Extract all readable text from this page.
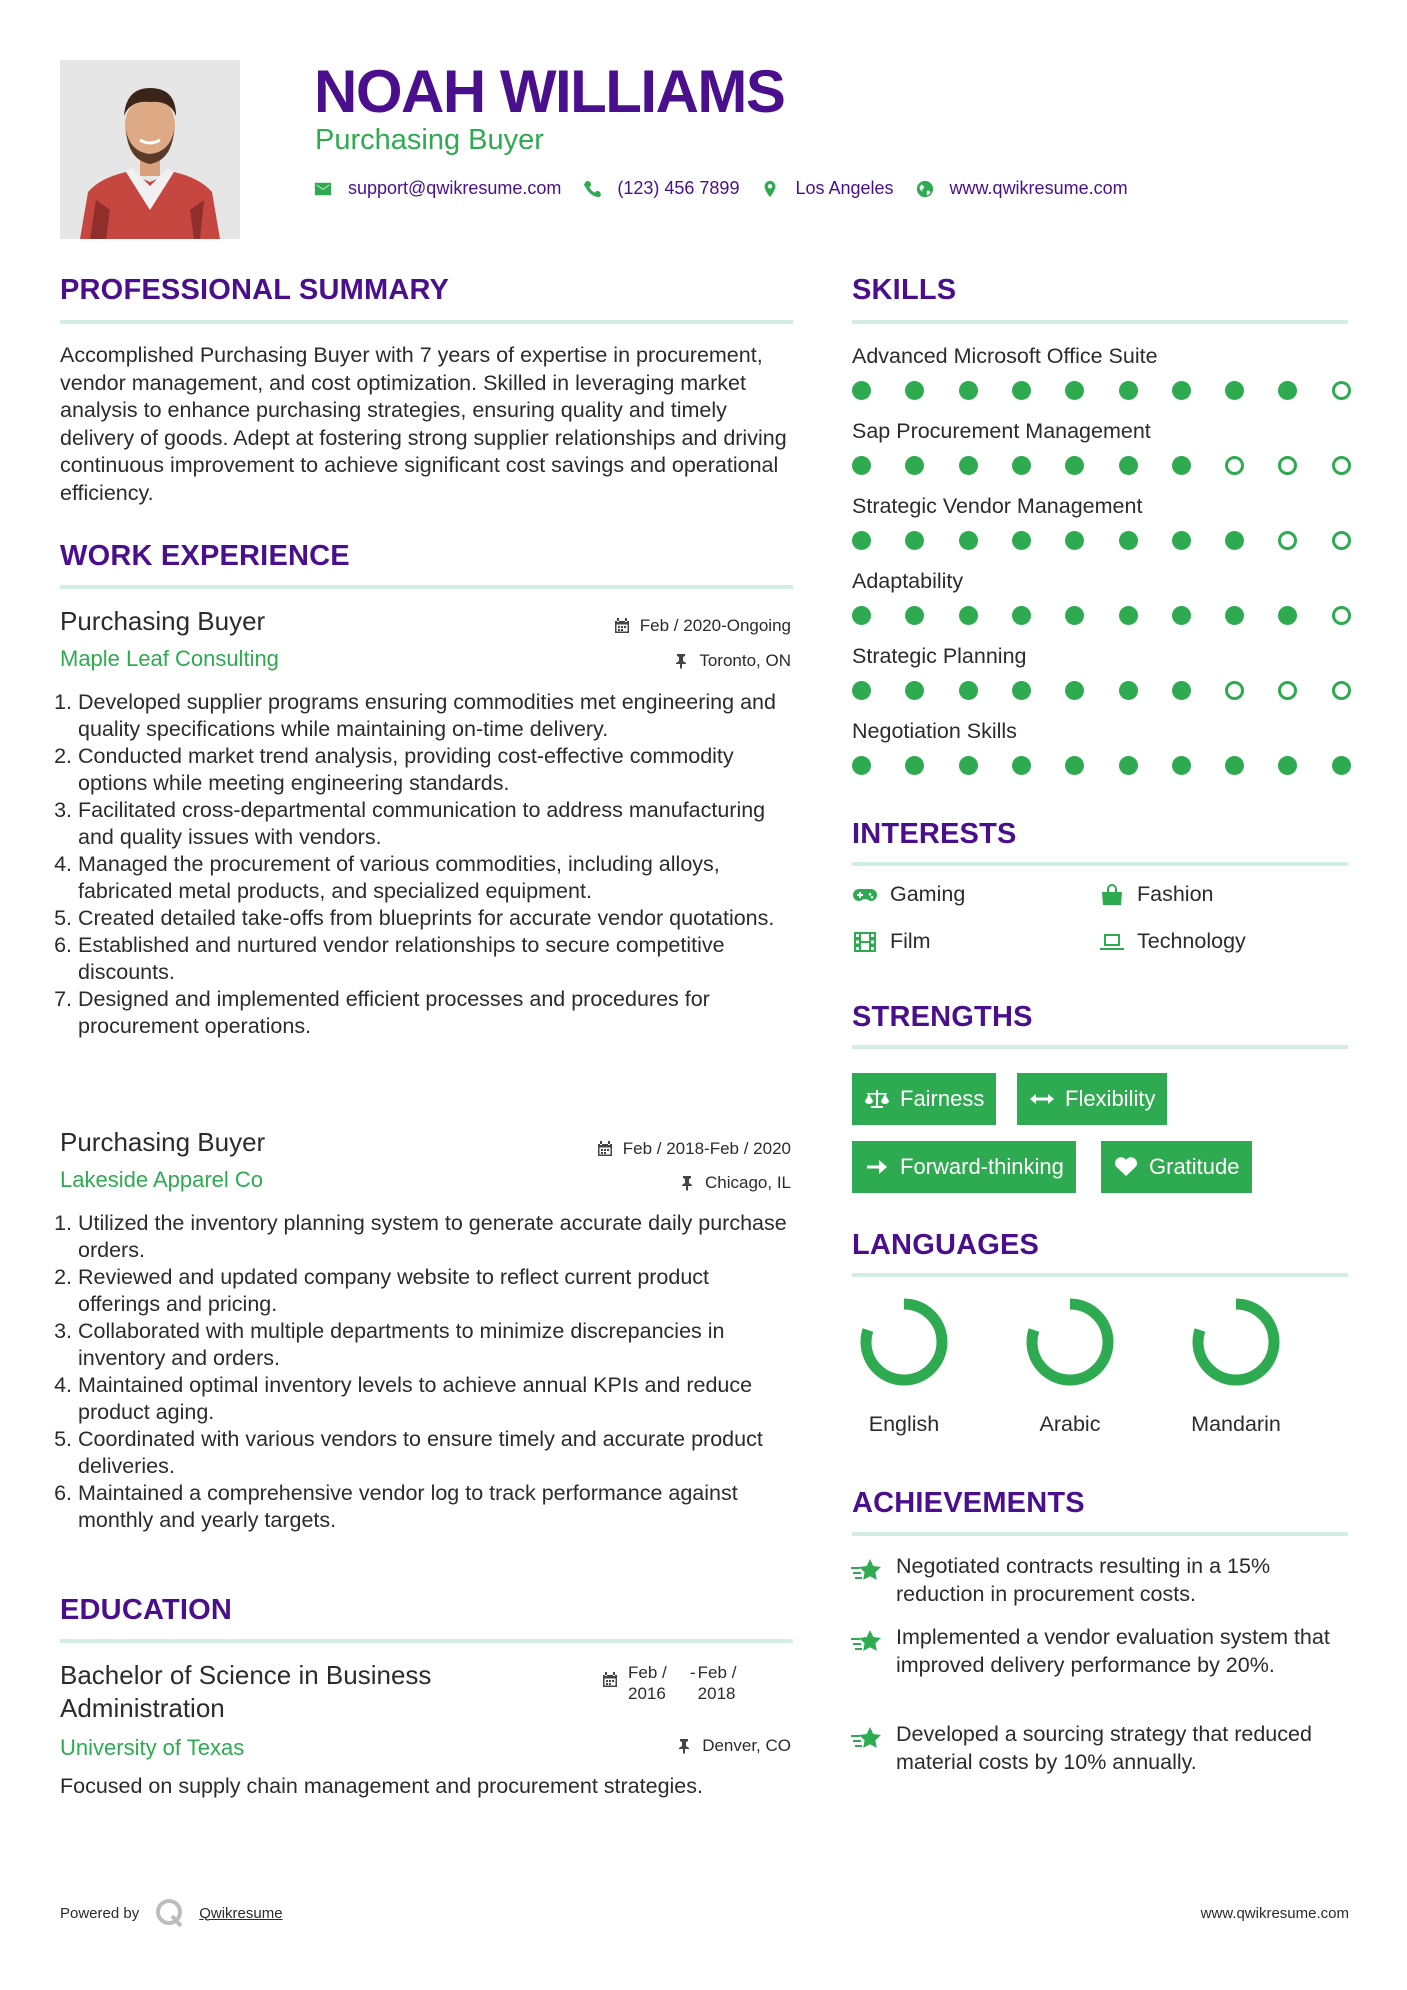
NOAH WILLIAMS
Purchasing Buyer
support@qwikresume.com	(123) 456 7899	Los Angeles	www.qwikresume.com
PROFESSIONAL SUMMARY
Accomplished Purchasing Buyer with 7 years of expertise in procurement, vendor management, and cost optimization. Skilled in leveraging market analysis to enhance purchasing strategies, ensuring quality and timely delivery of goods. Adept at fostering strong supplier relationships and driving continuous improvement to achieve significant cost savings and operational efficiency.
WORK EXPERIENCE
Purchasing Buyer	Feb / 2020-Ongoing
Maple Leaf Consulting	Toronto, ON
1. Developed supplier programs ensuring commodities met engineering and quality specifications while maintaining on-time delivery.
2. Conducted market trend analysis, providing cost-effective commodity options while meeting engineering standards.
3. Facilitated cross-departmental communication to address manufacturing and quality issues with vendors.
4. Managed the procurement of various commodities, including alloys, fabricated metal products, and specialized equipment.
5. Created detailed take-offs from blueprints for accurate vendor quotations.
6. Established and nurtured vendor relationships to secure competitive discounts.
7. Designed and implemented efficient processes and procedures for procurement operations.
Purchasing Buyer	Feb / 2018-Feb / 2020
Lakeside Apparel Co	Chicago, IL
1. Utilized the inventory planning system to generate accurate daily purchase orders.
2. Reviewed and updated company website to reflect current product offerings and pricing.
3. Collaborated with multiple departments to minimize discrepancies in inventory and orders.
4. Maintained optimal inventory levels to achieve annual KPIs and reduce product aging.
5. Coordinated with various vendors to ensure timely and accurate product deliveries.
6. Maintained a comprehensive vendor log to track performance against monthly and yearly targets.
EDUCATION
Bachelor of Science in Business Administration
Feb / 2016
- Feb / 2018
University of Texas	Denver, CO
Focused on supply chain management and procurement strategies.
SKILLS
Advanced Microsoft Office Suite
Sap Procurement Management
Strategic Vendor Management
Adaptability
Strategic Planning
Negotiation Skills
INTERESTS
Gaming	Fashion
Film	Technology
STRENGTHS
Fairness	Flexibility
Forward-thinking	Gratitude
LANGUAGES
English	Arabic	Mandarin
ACHIEVEMENTS
Negotiated contracts resulting in a 15% reduction in procurement costs.
Implemented a vendor evaluation system that improved delivery performance by 20%.
Developed a sourcing strategy that reduced material costs by 10% annually.
Powered by	Qwikresume	www.qwikresume.com
